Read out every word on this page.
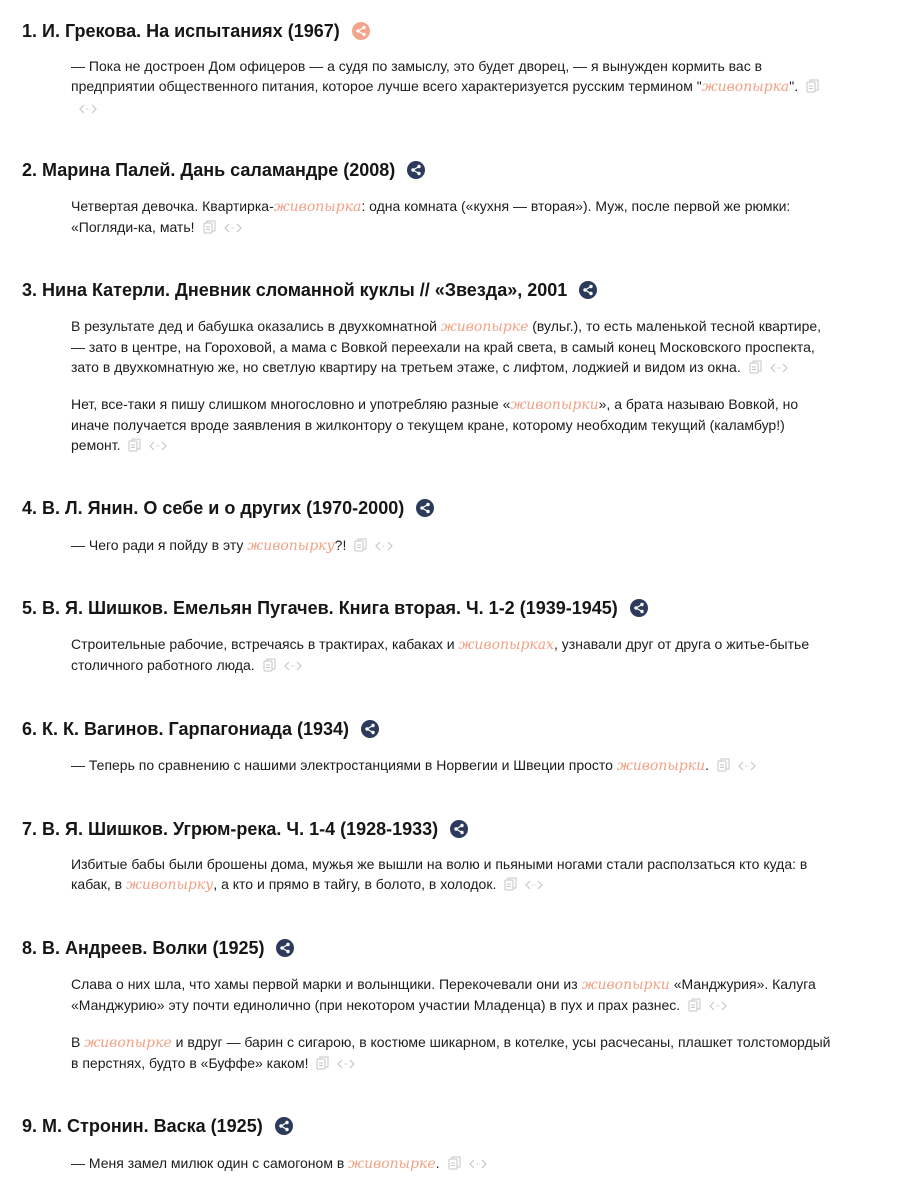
1. И. Грекова. На испытаниях (1967)

— Пока не достроен Дом офицеров — а судя по замыслу, это будет дворец, — я вынужден кормить вас в предприятии общественного питания, которое лучше всего характеризуется русским термином "живопырка".

2. Марина Палей. Дань саламандре (2008)

Четвертая девочка. Квартирка-живопырка: одна комната («кухня — вторая»). Муж, после первой же рюмки: «Погляди-ка, мать!

3. Нина Катерли. Дневник сломанной куклы // «Звезда», 2001

В результате дед и бабушка оказались в двухкомнатной живопырке (вульг.), то есть маленькой тесной квартире, — зато в центре, на Гороховой, а мама с Вовкой переехали на край света, в самый конец Московского проспекта, зато в двухкомнатную же, но светлую квартиру на третьем этаже, с лифтом, лоджией и видом из окна.

Нет, все-таки я пишу слишком многословно и употребляю разные «живопырки», а брата называю Вовкой, но иначе получается вроде заявления в жилконтору о текущем кране, которому необходим текущий (каламбур!) ремонт.

4. В. Л. Янин. О себе и о других (1970-2000)

— Чего ради я пойду в эту живопырку?!

5. В. Я. Шишков. Емельян Пугачев. Книга вторая. Ч. 1-2 (1939-1945)

Строительные рабочие, встречаясь в трактирах, кабаках и живопырках, узнавали друг от друга о житье-бытье столичного работного люда.

6. К. К. Вагинов. Гарпагониада (1934)

— Теперь по сравнению с нашими электростанциями в Норвегии и Швеции просто живопырки.

7. В. Я. Шишков. Угрюм-река. Ч. 1-4 (1928-1933)

Избитые бабы были брошены дома, мужья же вышли на волю и пьяными ногами стали расползаться кто куда: в кабак, в живопырку, а кто и прямо в тайгу, в болото, в холодок.

8. В. Андреев. Волки (1925)

Слава о них шла, что хамы первой марки и волынщики. Перекочевали они из живопырки «Манджурия». Калуга «Манджурию» эту почти единолично (при некотором участии Младенца) в пух и прах разнес.

В живопырке и вдруг — барин с сигарою, в костюме шикарном, в котелке, усы расчесаны, плашкет толстомордый в перстнях, будто в «Буффе» каком!

9. М. Стронин. Васка (1925)

— Меня замел милюк один с самогоном в живопырке.
